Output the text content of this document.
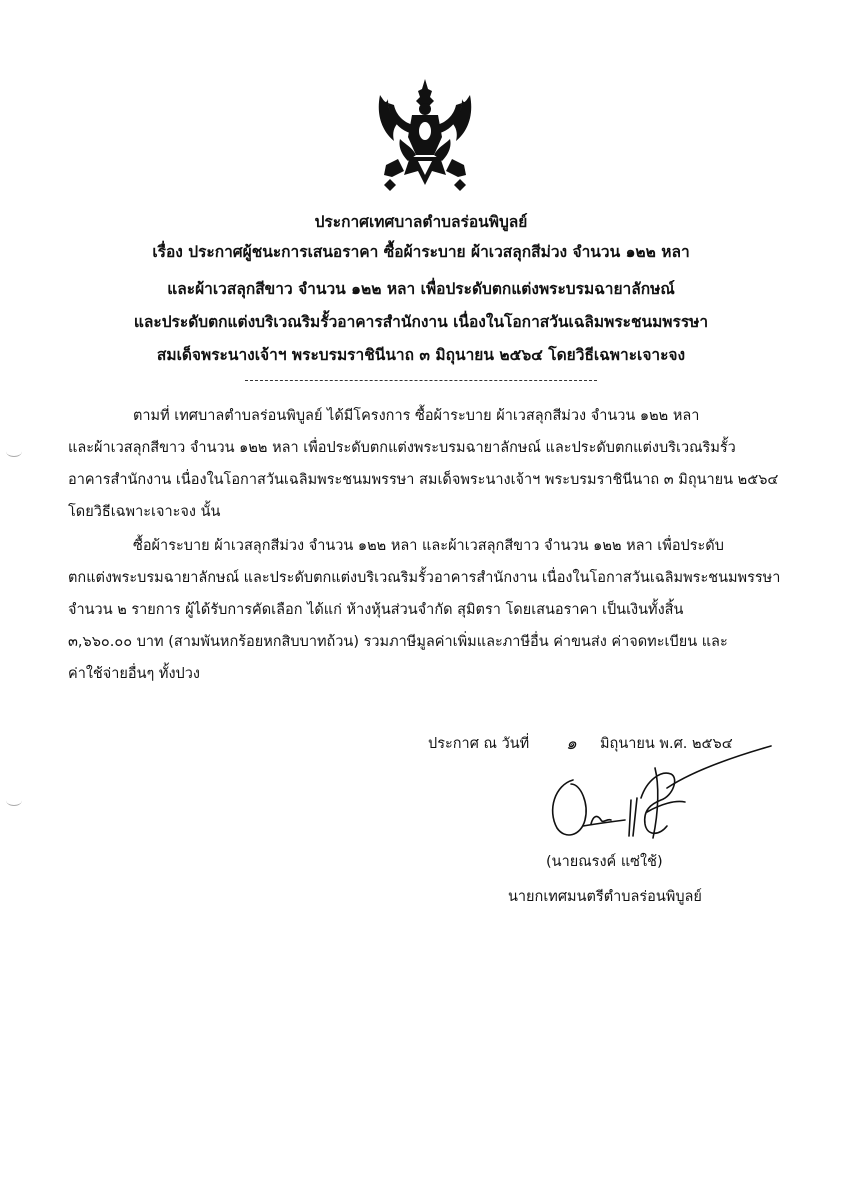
ประกาศเทศบาลตำบลร่อนพิบูลย์
เรื่อง ประกาศผู้ชนะการเสนอราคา ซื้อผ้าระบาย ผ้าเวสลุกสีม่วง จำนวน ๑๒๒ หลา
และผ้าเวสลุกสีขาว จำนวน ๑๒๒ หลา เพื่อประดับตกแต่งพระบรมฉายาลักษณ์
และประดับตกแต่งบริเวณริมรั้วอาคารสำนักงาน เนื่องในโอกาสวันเฉลิมพระชนมพรรษา
สมเด็จพระนางเจ้าฯ พระบรมราชินีนาถ ๓ มิถุนายน ๒๕๖๔ โดยวิธีเฉพาะเจาะจง
ตามที่ เทศบาลตำบลร่อนพิบูลย์ ได้มีโครงการ ซื้อผ้าระบาย ผ้าเวสลุกสีม่วง จำนวน ๑๒๒ หลา
และผ้าเวสลุกสีขาว จำนวน ๑๒๒ หลา เพื่อประดับตกแต่งพระบรมฉายาลักษณ์ และประดับตกแต่งบริเวณริมรั้ว
อาคารสำนักงาน เนื่องในโอกาสวันเฉลิมพระชนมพรรษา สมเด็จพระนางเจ้าฯ พระบรมราชินีนาถ ๓ มิถุนายน ๒๕๖๔
โดยวิธีเฉพาะเจาะจง นั้น
ซื้อผ้าระบาย ผ้าเวสลุกสีม่วง จำนวน ๑๒๒ หลา และผ้าเวสลุกสีขาว จำนวน ๑๒๒ หลา เพื่อประดับ
ตกแต่งพระบรมฉายาลักษณ์ และประดับตกแต่งบริเวณริมรั้วอาคารสำนักงาน เนื่องในโอกาสวันเฉลิมพระชนมพรรษา
จำนวน ๒ รายการ ผู้ได้รับการคัดเลือก ได้แก่ ห้างหุ้นส่วนจำกัด สุมิตรา โดยเสนอราคา เป็นเงินทั้งสิ้น
๓,๖๖๐.๐๐ บาท (สามพันหกร้อยหกสิบบาทถ้วน) รวมภาษีมูลค่าเพิ่มและภาษีอื่น ค่าขนส่ง ค่าจดทะเบียน และ
ค่าใช้จ่ายอื่นๆ ทั้งปวง
ประกาศ ณ วันที่ ๑ มิถุนายน พ.ศ. ๒๕๖๔
(นายณรงค์ แซ่ใช้)
นายกเทศมนตรีตำบลร่อนพิบูลย์
